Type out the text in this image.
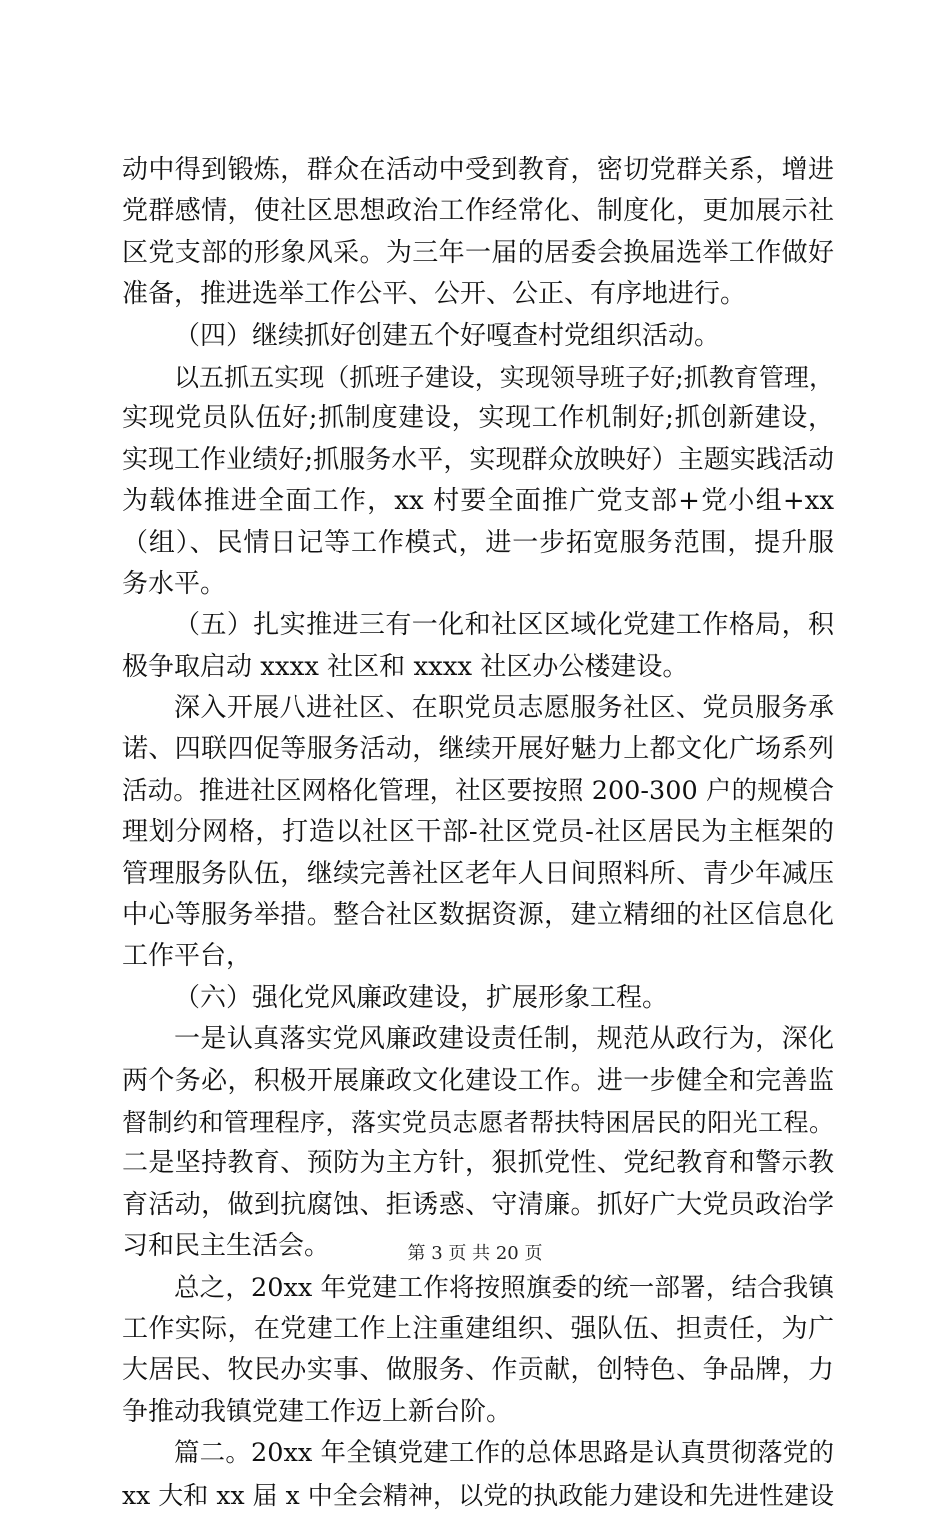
动中得到锻炼，群众在活动中受到教育，密切党群关系，增进
党群感情，使社区思想政治工作经常化、制度化，更加展示社
区党支部的形象风采。为三年一届的居委会换届选举工作做好
准备，推进选举工作公平、公开、公正、有序地进行。
（四）继续抓好创建五个好嘎查村党组织活动。
以五抓五实现（抓班子建设，实现领导班子好;抓教育管理，
实现党员队伍好;抓制度建设，实现工作机制好;抓创新建设，
实现工作业绩好;抓服务水平，实现群众放映好）主题实践活动
为载体推进全面工作，xx 村要全面推广党支部+党小组+xx
（组）、民情日记等工作模式，进一步拓宽服务范围，提升服
务水平。
（五）扎实推进三有一化和社区区域化党建工作格局，积
极争取启动 xxxx 社区和 xxxx 社区办公楼建设。
深入开展八进社区、在职党员志愿服务社区、党员服务承
诺、四联四促等服务活动，继续开展好魅力上都文化广场系列
活动。推进社区网格化管理，社区要按照 200-300 户的规模合
理划分网格，打造以社区干部-社区党员-社区居民为主框架的
管理服务队伍，继续完善社区老年人日间照料所、青少年减压
中心等服务举措。整合社区数据资源，建立精细的社区信息化
工作平台，
（六）强化党风廉政建设，扩展形象工程。
一是认真落实党风廉政建设责任制，规范从政行为，深化
两个务必，积极开展廉政文化建设工作。进一步健全和完善监
督制约和管理程序，落实党员志愿者帮扶特困居民的阳光工程。
二是坚持教育、预防为主方针，狠抓党性、党纪教育和警示教
育活动，做到抗腐蚀、拒诱惑、守清廉。抓好广大党员政治学
习和民主生活会。
总之，20xx 年党建工作将按照旗委的统一部署，结合我镇
工作实际，在党建工作上注重建组织、强队伍、担责任，为广
大居民、牧民办实事、做服务、作贡献，创特色、争品牌，力
争推动我镇党建工作迈上新台阶。
篇二。20xx 年全镇党建工作的总体思路是认真贯彻落党的
xx 大和 xx 届 x 中全会精神，以党的执政能力建设和先进性建设
第 3 页 共 20 页
